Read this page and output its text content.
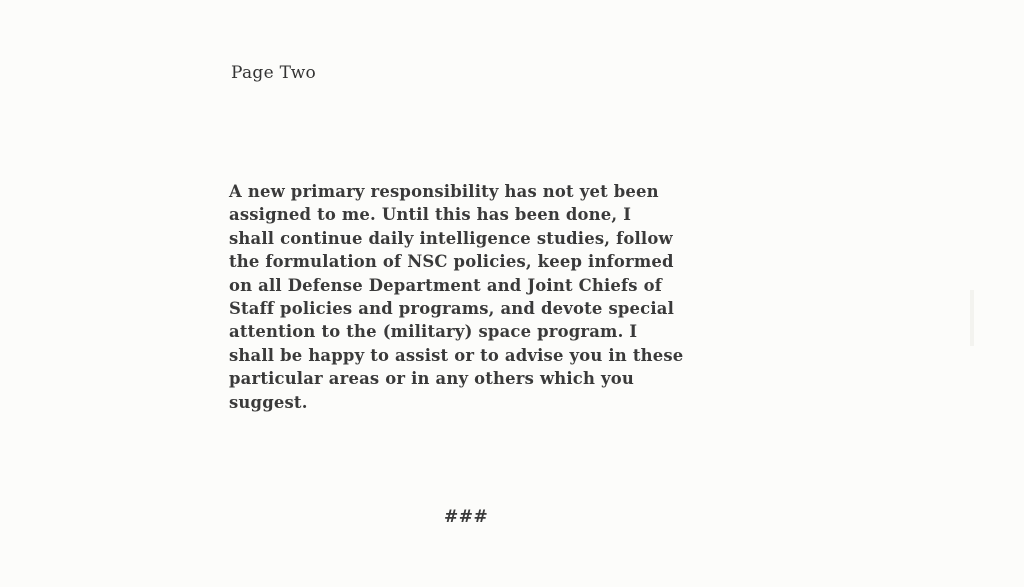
Page Two
A new primary responsibility has not yet been
assigned to me. Until this has been done, I
shall continue daily intelligence studies, follow
the formulation of NSC policies, keep informed
on all Defense Department and Joint Chiefs of
Staff policies and programs, and devote special
attention to the (military) space program. I
shall be happy to assist or to advise you in these
particular areas or in any others which you
suggest.
###
